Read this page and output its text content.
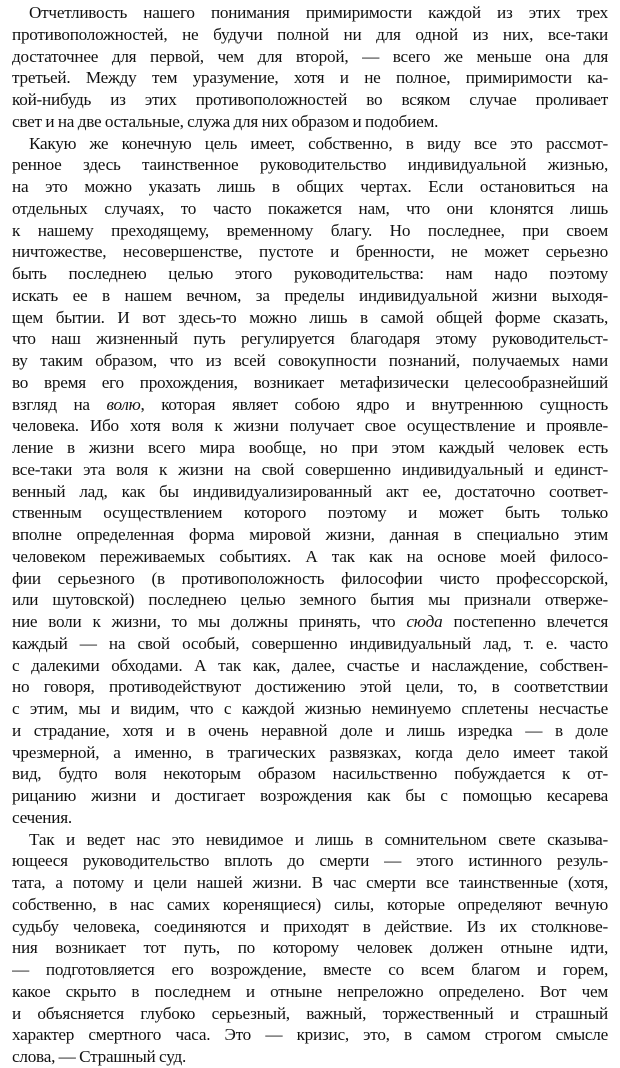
Отчетливость нашего понимания примиримости каждой из этих трех
противоположностей, не будучи полной ни для одной из них, все-таки
достаточнее для первой, чем для второй, — всего же меньше она для
третьей. Между тем уразумение, хотя и не полное, примиримости ка-
кой-нибудь из этих противоположностей во всяком случае проливает
свет и на две остальные, служа для них образом и подобием.
Какую же конечную цель имеет, собственно, в виду все это рассмот-
ренное здесь таинственное руководительство индивидуальной жизнью,
на это можно указать лишь в общих чертах. Если остановиться на
отдельных случаях, то часто покажется нам, что они клонятся лишь
к нашему преходящему, временному благу. Но последнее, при своем
ничтожестве, несовершенстве, пустоте и бренности, не может серьезно
быть последнею целью этого руководительства: нам надо поэтому
искать ее в нашем вечном, за пределы индивидуальной жизни выходя-
щем бытии. И вот здесь-то можно лишь в самой общей форме сказать,
что наш жизненный путь регулируется благодаря этому руководительст-
ву таким образом, что из всей совокупности познаний, получаемых нами
во время его прохождения, возникает метафизически целесообразнейший
взгляд на волю, которая являет собою ядро и внутреннюю сущность
человека. Ибо хотя воля к жизни получает свое осуществление и проявле-
ление в жизни всего мира вообще, но при этом каждый человек есть
все-таки эта воля к жизни на свой совершенно индивидуальный и единст-
венный лад, как бы индивидуализированный акт ее, достаточно соответ-
ственным осуществлением которого поэтому и может быть только
вполне определенная форма мировой жизни, данная в специально этим
человеком переживаемых событиях. А так как на основе моей филосо-
фии серьезного (в противоположность философии чисто профессорской,
или шутовской) последнею целью земного бытия мы признали отверже-
ние воли к жизни, то мы должны принять, что сюда постепенно влечется
каждый — на свой особый, совершенно индивидуальный лад, т. е. часто
с далекими обходами. А так как, далее, счастье и наслаждение, собствен-
но говоря, противодействуют достижению этой цели, то, в соответствии
с этим, мы и видим, что с каждой жизнью неминуемо сплетены несчастье
и страдание, хотя и в очень неравной доле и лишь изредка — в доле
чрезмерной, а именно, в трагических развязках, когда дело имеет такой
вид, будто воля некоторым образом насильственно побуждается к от-
рицанию жизни и достигает возрождения как бы с помощью кесарева
сечения.
Так и ведет нас это невидимое и лишь в сомнительном свете сказыва-
ющееся руководительство вплоть до смерти — этого истинного резуль-
тата, а потому и цели нашей жизни. В час смерти все таинственные (хотя,
собственно, в нас самих коренящиеся) силы, которые определяют вечную
судьбу человека, соединяются и приходят в действие. Из их столкнове-
ния возникает тот путь, по которому человек должен отныне идти,
— подготовляется его возрождение, вместе со всем благом и горем,
какое скрыто в последнем и отныне непреложно определено. Вот чем
и объясняется глубоко серьезный, важный, торжественный и страшный
характер смертного часа. Это — кризис, это, в самом строгом смысле
слова, — Страшный суд.
